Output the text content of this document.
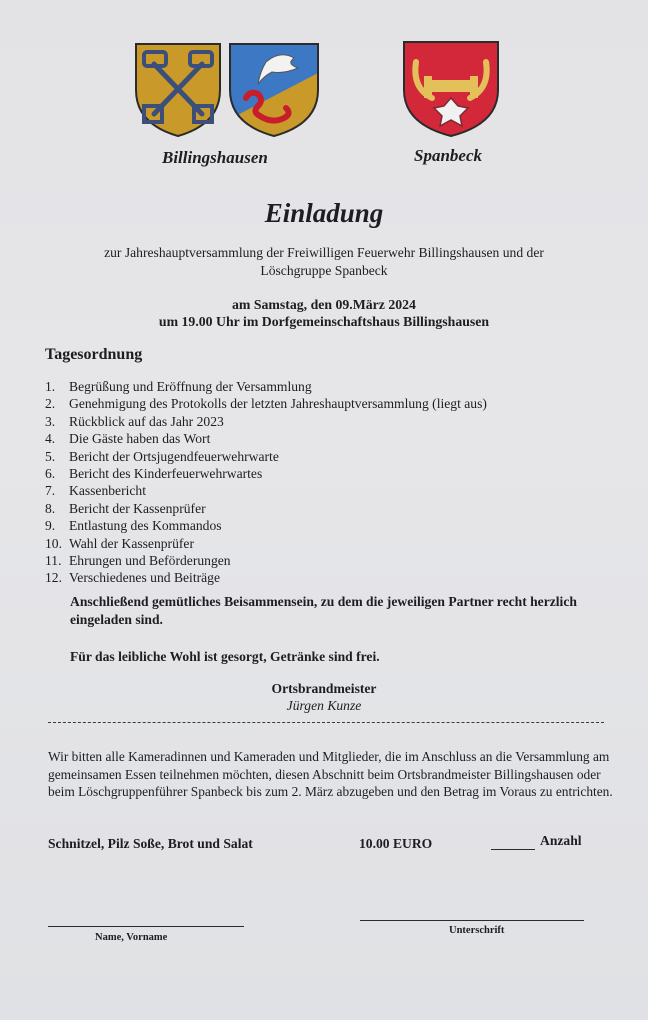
Billingshausen	Spanbeck
Einladung
zur Jahreshauptversammlung der Freiwilligen Feuerwehr Billingshausen und der Löschgruppe Spanbeck
am Samstag, den 09.März 2024
um 19.00 Uhr im Dorfgemeinschaftshaus Billingshausen
Tagesordnung
1. Begrüßung und Eröffnung der Versammlung
2. Genehmigung des Protokolls der letzten Jahreshauptversammlung (liegt aus)
3. Rückblick auf das Jahr 2023
4. Die Gäste haben das Wort
5. Bericht der Ortsjugendfeuerwehrwarte
6. Bericht des Kinderfeuerwehrwartes
7. Kassenbericht
8. Bericht der Kassenprüfer
9. Entlastung des Kommandos
10. Wahl der Kassenprüfer
11. Ehrungen und Beförderungen
12. Verschiedenes und Beiträge
Anschließend gemütliches Beisammensein, zu dem die jeweiligen Partner recht herzlich eingeladen sind.
Für das leibliche Wohl ist gesorgt, Getränke sind frei.
Ortsbrandmeister
Jürgen Kunze
Wir bitten alle Kameradinnen und Kameraden und Mitglieder, die im Anschluss an die Versammlung am gemeinsamen Essen teilnehmen möchten, diesen Abschnitt beim Ortsbrandmeister Billingshausen oder beim Löschgruppenführer Spanbeck bis zum 2. März abzugeben und den Betrag im Voraus zu entrichten.
Schnitzel, Pilz Soße, Brot und Salat	10.00 EURO	Anzahl
Name, Vorname
Unterschrift
